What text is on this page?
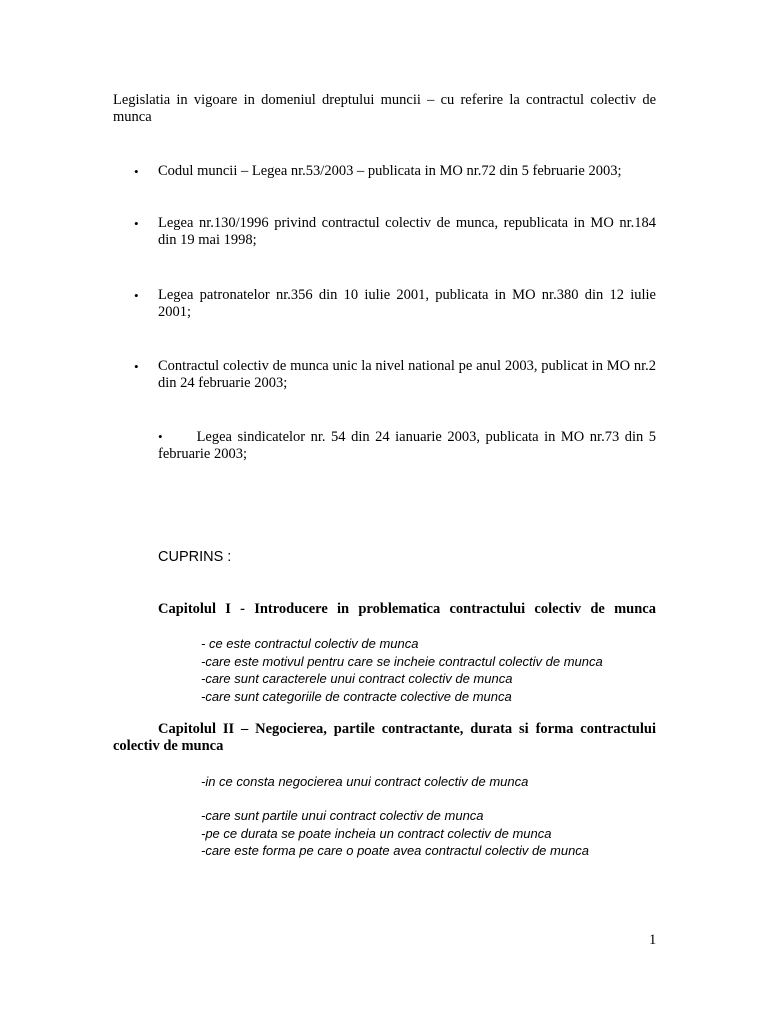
Legislatia in vigoare in domeniul dreptului muncii – cu referire la contractul colectiv de munca
• Codul muncii – Legea nr.53/2003 – publicata in MO nr.72 din 5 februarie 2003;
• Legea nr.130/1996 privind contractul colectiv de munca, republicata in MO nr.184 din 19 mai 1998;
• Legea patronatelor nr.356 din 10 iulie 2001, publicata in MO nr.380 din 12 iulie 2001;
• Contractul colectiv de munca unic la nivel national pe anul 2003, publicat in MO nr.2 din 24 februarie 2003;
• Legea sindicatelor nr. 54 din 24 ianuarie 2003, publicata in MO nr.73 din 5 februarie 2003;
CUPRINS :
Capitolul I - Introducere in problematica contractului colectiv de munca
- ce este contractul colectiv de munca
-care este motivul pentru care se incheie contractul colectiv de munca
-care sunt caracterele unui contract colectiv de munca
-care sunt categoriile de contracte colective de munca
Capitolul II – Negocierea, partile contractante, durata si forma contractului colectiv de munca
-in ce consta negocierea unui contract colectiv de munca
-care sunt partile unui contract colectiv de munca
-pe ce durata se poate incheia un contract colectiv de munca
-care este forma pe care o poate avea contractul colectiv de munca
1
